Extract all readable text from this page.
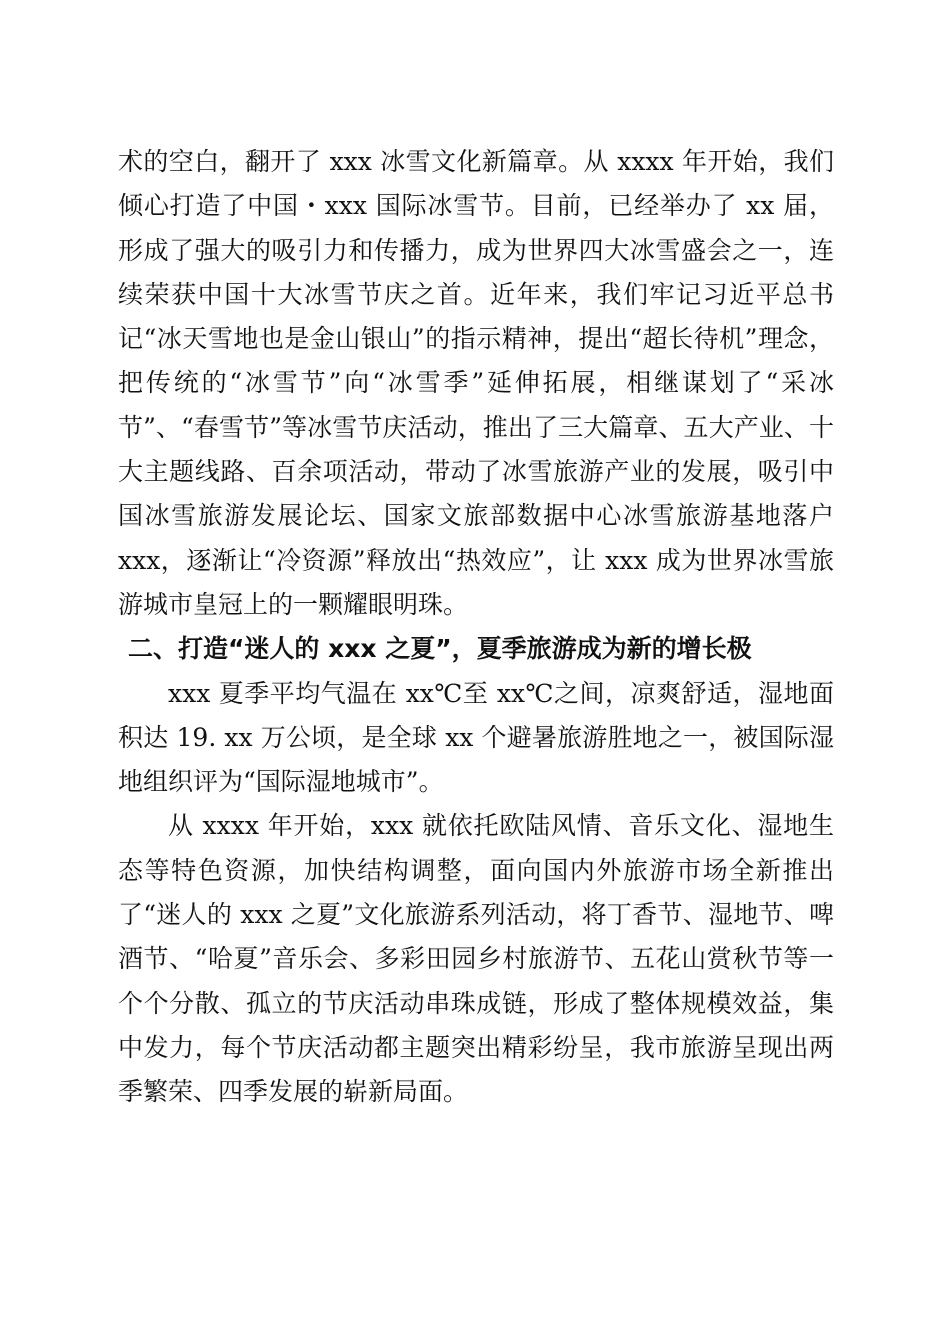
术的空白，翻开了 xxx 冰雪文化新篇章。从 xxxx 年开始，我们倾心打造了中国・xxx 国际冰雪节。目前，已经举办了 xx 届，形成了强大的吸引力和传播力，成为世界四大冰雪盛会之一，连续荣获中国十大冰雪节庆之首。近年来，我们牢记习近平总书记“冰天雪地也是金山银山”的指示精神，提出“超长待机”理念，把传统的“冰雪节”向“冰雪季”延伸拓展，相继谋划了“采冰节”、“春雪节”等冰雪节庆活动，推出了三大篇章、五大产业、十大主题线路、百余项活动，带动了冰雪旅游产业的发展，吸引中国冰雪旅游发展论坛、国家文旅部数据中心冰雪旅游基地落户 xxx，逐渐让“冷资源”释放出“热效应”，让 xxx 成为世界冰雪旅游城市皇冠上的一颗耀眼明珠。

二、打造“迷人的 xxx 之夏”，夏季旅游成为新的增长极

xxx 夏季平均气温在 xx℃至 xx℃之间，凉爽舒适，湿地面积达 19. xx 万公顷，是全球 xx 个避暑旅游胜地之一，被国际湿地组织评为“国际湿地城市”。

从 xxxx 年开始，xxx 就依托欧陆风情、音乐文化、湿地生态等特色资源，加快结构调整，面向国内外旅游市场全新推出了“迷人的 xxx 之夏”文化旅游系列活动，将丁香节、湿地节、啤酒节、“哈夏”音乐会、多彩田园乡村旅游节、五花山赏秋节等一个个分散、孤立的节庆活动串珠成链，形成了整体规模效益，集中发力，每个节庆活动都主题突出精彩纷呈，我市旅游呈现出两季繁荣、四季发展的崭新局面。
